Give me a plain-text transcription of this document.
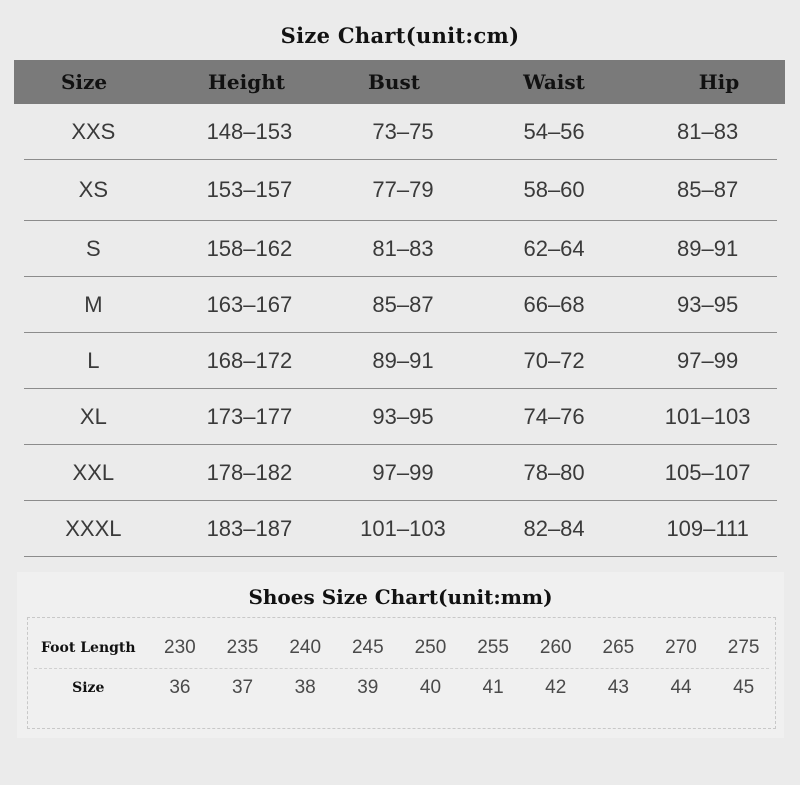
Size Chart(unit:cm)
Size	Height	Bust	Waist	Hip
XXS	148–153	73–75	54–56	81–83
XS	153–157	77–79	58–60	85–87
S	158–162	81–83	62–64	89–91
M	163–167	85–87	66–68	93–95
L	168–172	89–91	70–72	97–99
XL	173–177	93–95	74–76	101–103
XXL	178–182	97–99	78–80	105–107
XXXL	183–187	101–103	82–84	109–111
Shoes Size Chart(unit:mm)
Foot Length	230	235	240	245	250	255	260	265	270	275
Size	36	37	38	39	40	41	42	43	44	45
